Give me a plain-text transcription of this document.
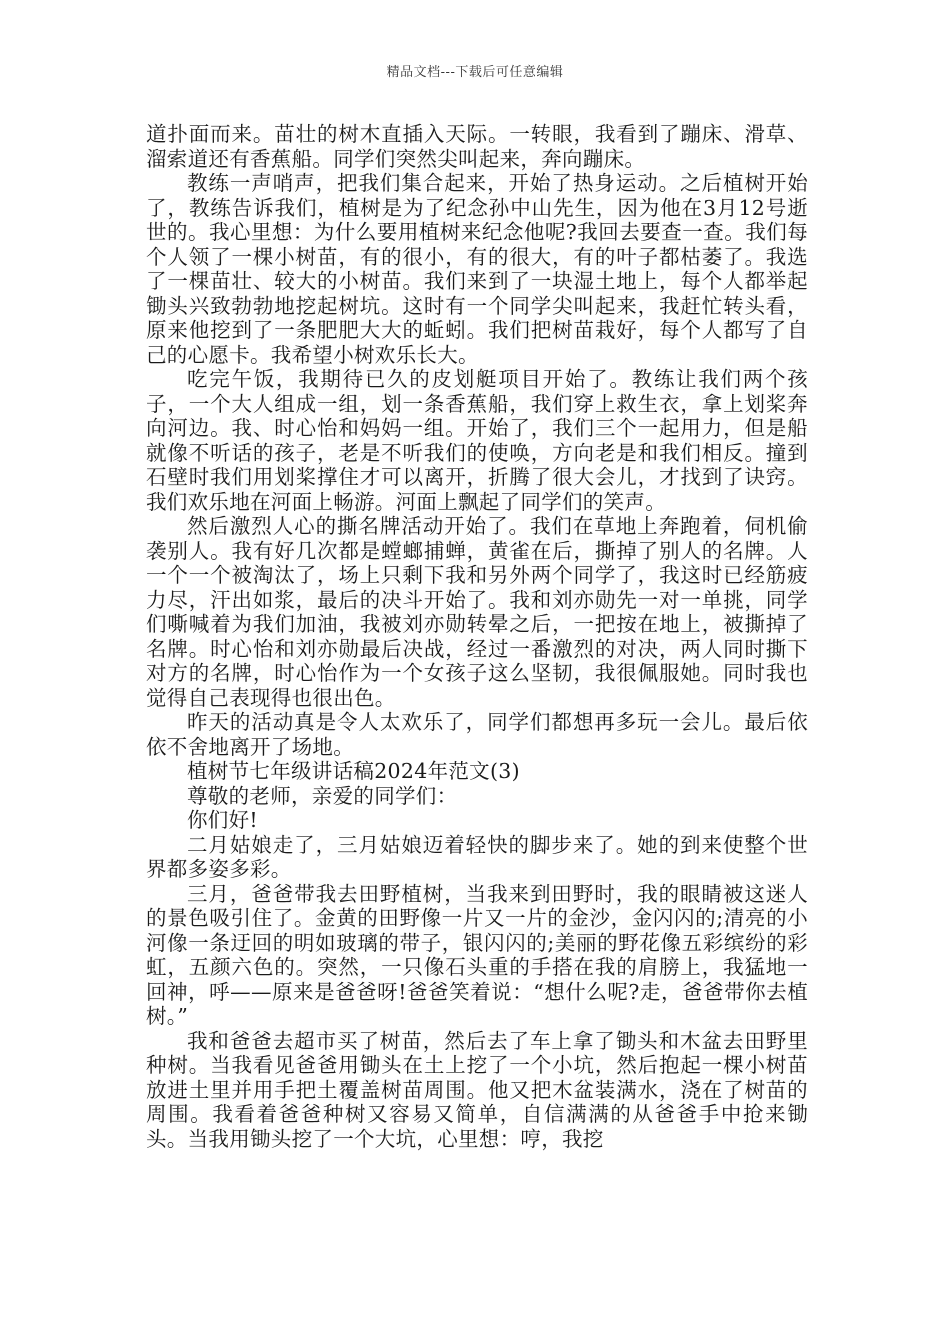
精品文档---下载后可任意编辑

道扑面而来。苗壮的树木直插入天际。一转眼，我看到了蹦床、滑草、溜索道还有香蕉船。同学们突然尖叫起来，奔向蹦床。

教练一声哨声，把我们集合起来，开始了热身运动。之后植树开始了，教练告诉我们，植树是为了纪念孙中山先生，因为他在3月12号逝世的。我心里想：为什么要用植树来纪念他呢?我回去要查一查。我们每个人领了一棵小树苗，有的很小，有的很大，有的叶子都枯萎了。我选了一棵苗壮、较大的小树苗。我们来到了一块湿土地上，每个人都举起锄头兴致勃勃地挖起树坑。这时有一个同学尖叫起来，我赶忙转头看，原来他挖到了一条肥肥大大的蚯蚓。我们把树苗栽好，每个人都写了自己的心愿卡。我希望小树欢乐长大。

吃完午饭，我期待已久的皮划艇项目开始了。教练让我们两个孩子，一个大人组成一组，划一条香蕉船，我们穿上救生衣，拿上划桨奔向河边。我、时心怡和妈妈一组。开始了，我们三个一起用力，但是船就像不听话的孩子，老是不听我们的使唤，方向老是和我们相反。撞到石壁时我们用划桨撑住才可以离开，折腾了很大会儿，才找到了诀窍。我们欢乐地在河面上畅游。河面上飘起了同学们的笑声。

然后激烈人心的撕名牌活动开始了。我们在草地上奔跑着，伺机偷袭别人。我有好几次都是螳螂捕蝉，黄雀在后，撕掉了别人的名牌。人一个一个被淘汰了，场上只剩下我和另外两个同学了，我这时已经筋疲力尽，汗出如浆，最后的决斗开始了。我和刘亦勋先一对一单挑，同学们嘶喊着为我们加油，我被刘亦勋转晕之后，一把按在地上，被撕掉了名牌。时心怡和刘亦勋最后决战，经过一番激烈的对决，两人同时撕下对方的名牌，时心怡作为一个女孩子这么坚韧，我很佩服她。同时我也觉得自己表现得也很出色。

昨天的活动真是令人太欢乐了，同学们都想再多玩一会儿。最后依依不舍地离开了场地。

植树节七年级讲话稿2024年范文(3)

尊敬的老师，亲爱的同学们：

你们好!

二月姑娘走了，三月姑娘迈着轻快的脚步来了。她的到来使整个世界都多姿多彩。

三月，爸爸带我去田野植树，当我来到田野时，我的眼睛被这迷人的景色吸引住了。金黄的田野像一片又一片的金沙，金闪闪的;清亮的小河像一条迂回的明如玻璃的带子，银闪闪的;美丽的野花像五彩缤纷的彩虹，五颜六色的。突然，一只像石头重的手搭在我的肩膀上，我猛地一回神，呼——原来是爸爸呀!爸爸笑着说：“想什么呢?走，爸爸带你去植树。”

我和爸爸去超市买了树苗，然后去了车上拿了锄头和木盆去田野里种树。当我看见爸爸用锄头在土上挖了一个小坑，然后抱起一棵小树苗放进土里并用手把土覆盖树苗周围。他又把木盆装满水，浇在了树苗的周围。我看着爸爸种树又容易又简单，自信满满的从爸爸手中抢来锄头。当我用锄头挖了一个大坑，心里想：哼，我挖
